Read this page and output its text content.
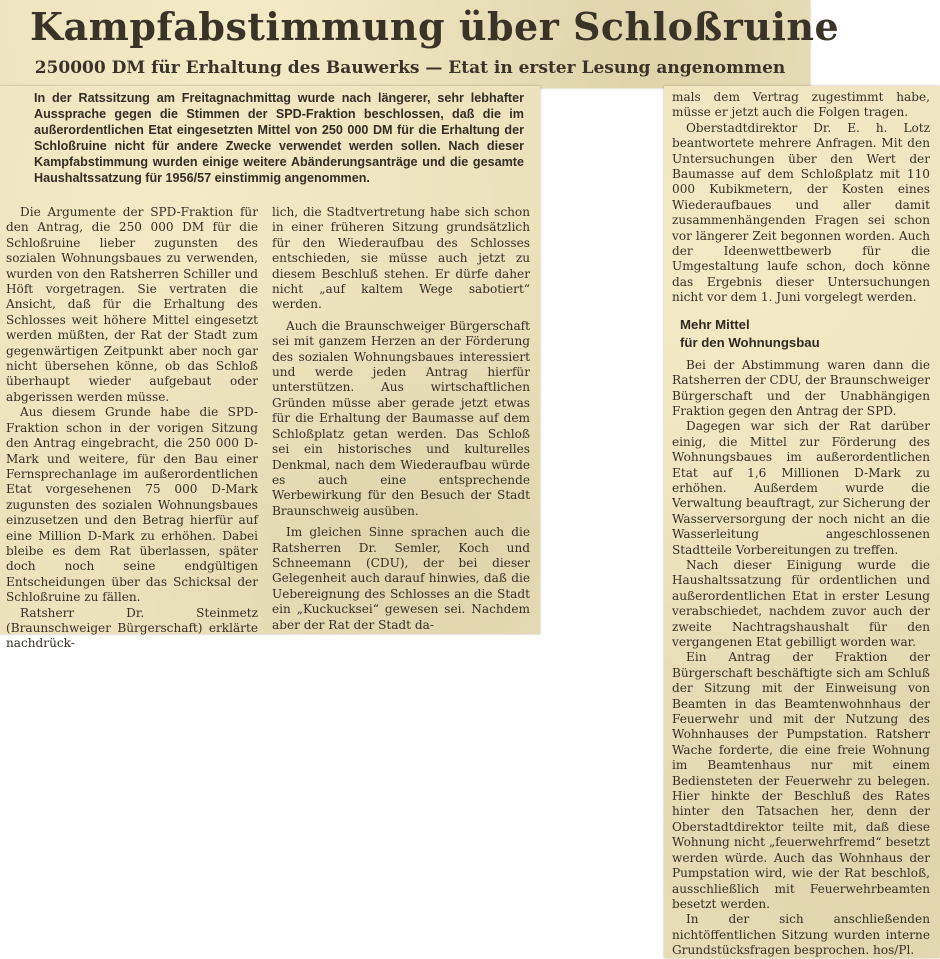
Kampfabstimmung über Schloßruine
250000 DM für Erhaltung des Bauwerks — Etat in erster Lesung angenommen
In der Ratssitzung am Freitagnachmittag wurde nach längerer, sehr lebhafter Aussprache gegen die Stimmen der SPD-Fraktion beschlossen, daß die im außerordentlichen Etat eingesetzten Mittel von 250 000 DM für die Erhaltung der Schloßruine nicht für andere Zwecke verwendet werden sollen. Nach dieser Kampfabstimmung wurden einige weitere Abänderungsanträge und die gesamte Haushaltssatzung für 1956/57 einstimmig angenommen.

Die Argumente der SPD-Fraktion für den Antrag, die 250 000 DM für die Schloßruine lieber zugunsten des sozialen Wohnungsbaues zu verwenden, wurden von den Ratsherren Schiller und Höft vorgetragen. Sie vertraten die Ansicht, daß für die Erhaltung des Schlosses weit höhere Mittel eingesetzt werden müßten, der Rat der Stadt zum gegenwärtigen Zeitpunkt aber noch gar nicht übersehen könne, ob das Schloß überhaupt wieder aufgebaut oder abgerissen werden müsse.

Aus diesem Grunde habe die SPD-Fraktion schon in der vorigen Sitzung den Antrag eingebracht, die 250 000 D-Mark und weitere, für den Bau einer Fernsprechanlage im außerordentlichen Etat vorgesehenen 75 000 D-Mark zugunsten des sozialen Wohnungsbaues einzusetzen und den Betrag hierfür auf eine Million D-Mark zu erhöhen. Dabei bleibe es dem Rat überlassen, später doch noch seine endgültigen Entscheidungen über das Schicksal der Schloßruine zu fällen.

Ratsherr Dr. Steinmetz (Braunschweiger Bürgerschaft) erklärte nachdrück-

lich, die Stadtvertretung habe sich schon in einer früheren Sitzung grundsätzlich für den Wiederaufbau des Schlosses entschieden, sie müsse auch jetzt zu diesem Beschluß stehen. Er dürfe daher nicht „auf kaltem Wege sabotiert“ werden.

Auch die Braunschweiger Bürgerschaft sei mit ganzem Herzen an der Förderung des sozialen Wohnungsbaues interessiert und werde jeden Antrag hierfür unterstützen. Aus wirtschaftlichen Gründen müsse aber gerade jetzt etwas für die Erhaltung der Baumasse auf dem Schloßplatz getan werden. Das Schloß sei ein historisches und kulturelles Denkmal, nach dem Wiederaufbau würde es auch eine entsprechende Werbewirkung für den Besuch der Stadt Braunschweig ausüben.

Im gleichen Sinne sprachen auch die Ratsherren Dr. Semler, Koch und Schneemann (CDU), der bei dieser Gelegenheit auch darauf hinwies, daß die Uebereignung des Schlosses an die Stadt ein „Kuckucksei“ gewesen sei. Nachdem aber der Rat der Stadt da-

mals dem Vertrag zugestimmt habe, müsse er jetzt auch die Folgen tragen.

Oberstadtdirektor Dr. E. h. Lotz beantwortete mehrere Anfragen. Mit den Untersuchungen über den Wert der Baumasse auf dem Schloßplatz mit 110 000 Kubikmetern, der Kosten eines Wiederaufbaues und aller damit zusammenhängenden Fragen sei schon vor längerer Zeit begonnen worden. Auch der Ideenwettbewerb für die Umgestaltung laufe schon, doch könne das Ergebnis dieser Untersuchungen nicht vor dem 1. Juni vorgelegt werden.

Mehr Mittel
für den Wohnungsbau

Bei der Abstimmung waren dann die Ratsherren der CDU, der Braunschweiger Bürgerschaft und der Unabhängigen Fraktion gegen den Antrag der SPD.

Dagegen war sich der Rat darüber einig, die Mittel zur Förderung des Wohnungsbaues im außerordentlichen Etat auf 1,6 Millionen D-Mark zu erhöhen. Außerdem wurde die Verwaltung beauftragt, zur Sicherung der Wasserversorgung der noch nicht an die Wasserleitung angeschlossenen Stadtteile Vorbereitungen zu treffen.

Nach dieser Einigung wurde die Haushaltssatzung für ordentlichen und außerordentlichen Etat in erster Lesung verabschiedet, nachdem zuvor auch der zweite Nachtragshaushalt für den vergangenen Etat gebilligt worden war.

Ein Antrag der Fraktion der Bürgerschaft beschäftigte sich am Schluß der Sitzung mit der Einweisung von Beamten in das Beamtenwohnhaus der Feuerwehr und mit der Nutzung des Wohnhauses der Pumpstation. Ratsherr Wache forderte, die eine freie Wohnung im Beamtenhaus nur mit einem Bediensteten der Feuerwehr zu belegen. Hier hinkte der Beschluß des Rates hinter den Tatsachen her, denn der Oberstadtdirektor teilte mit, daß diese Wohnung nicht „feuerwehrfremd“ besetzt werden würde. Auch das Wohnhaus der Pumpstation wird, wie der Rat beschloß, ausschließlich mit Feuerwehrbeamten besetzt werden.

In der sich anschließenden nichtöffentlichen Sitzung wurden interne Grundstücksfragen besprochen. hos/Pl.
